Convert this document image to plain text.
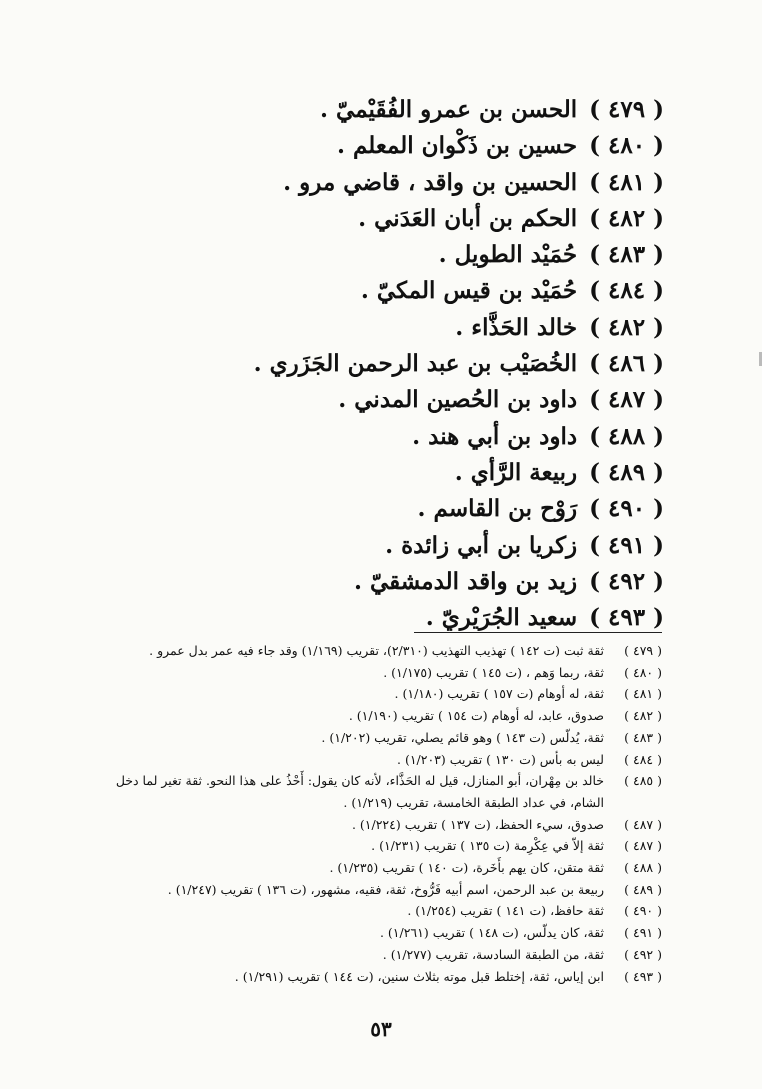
( ٤٧٩ )الحسن بن عمرو الفُقَيْميّ .
( ٤٨٠ )حسين بن ذَكْوان المعلم .
( ٤٨١ )الحسين بن واقد ، قاضي مرو .
( ٤٨٢ )الحكم بن أبان العَدَني .
( ٤٨٣ )حُمَيْد الطويل .
( ٤٨٤ )حُمَيْد بن قيس المكيّ .
( ٤٨٢ )خالد الحَذَّاء .
( ٤٨٦ )الخُصَيْب بن عبد الرحمن الجَزَري .
( ٤٨٧ )داود بن الحُصين المدني .
( ٤٨٨ )داود بن أبي هند .
( ٤٨٩ )ربيعة الرَّأي .
( ٤٩٠ )رَوْح بن القاسم .
( ٤٩١ )زكريا بن أبي زائدة .
( ٤٩٢ )زيد بن واقد الدمشقيّ .
( ٤٩٣ )سعيد الجُرَيْريّ .
( ٤٧٩ )
ثقة ثبت (ت ١٤٢ ) تهذيب التهذيب (٢/٣١٠)، تقريب (١/١٦٩) وقد جاء فيه عمر بدل عمرو .
( ٤٨٠ )
ثقة، ربما وَهم ، (ت ١٤٥ ) تقريب (١/١٧٥) .
( ٤٨١ )
ثقة، له أوهام (ت ١٥٧ ) تقريب (١/١٨٠) .
( ٤٨٢ )
صدوق، عابد، له أوهام (ت ١٥٤ ) تقريب (١/١٩٠) .
( ٤٨٣ )
ثقة، يُدلّس (ت ١٤٣ ) وهو قائم يصلي، تقريب (١/٢٠٢) .
( ٤٨٤ )
ليس به بأس (ت ١٣٠ ) تقريب (١/٢٠٣) .
( ٤٨٥ )
خالد بن مِهْران، أبو المنازل، قيل له الحَذَّاء، لأنه كان يقول: أَحْذُ على هذا النحو. ثقة تغير لما دخل الشام، في عداد الطبقة الخامسة، تقريب (١/٢١٩) .
( ٤٨٧ )
صدوق، سيء الحفظ، (ت ١٣٧ ) تقريب (١/٢٢٤) .
( ٤٨٧ )
ثقة إلاّ في عِكْرِمة (ت ١٣٥ ) تقريب (١/٢٣١) .
( ٤٨٨ )
ثقة متقن، كان يهم بأَخَرة، (ت ١٤٠ ) تقريب (١/٢٣٥) .
( ٤٨٩ )
ربيعة بن عبد الرحمن، اسم أبيه فَرُّوخ، ثقة، فقيه، مشهور، (ت ١٣٦ ) تقريب (١/٢٤٧) .
( ٤٩٠ )
ثقة حافظ، (ت ١٤١ ) تقريب (١/٢٥٤) .
( ٤٩١ )
ثقة، كان يدلّس، (ت ١٤٨ ) تقريب (١/٢٦١) .
( ٤٩٢ )
ثقة، من الطبقة السادسة، تقريب (١/٢٧٧) .
( ٤٩٣ )
ابن إياس، ثقة، إختلط قبل موته بثلاث سنين، (ت ١٤٤ ) تقريب (١/٢٩١) .
٥٣
